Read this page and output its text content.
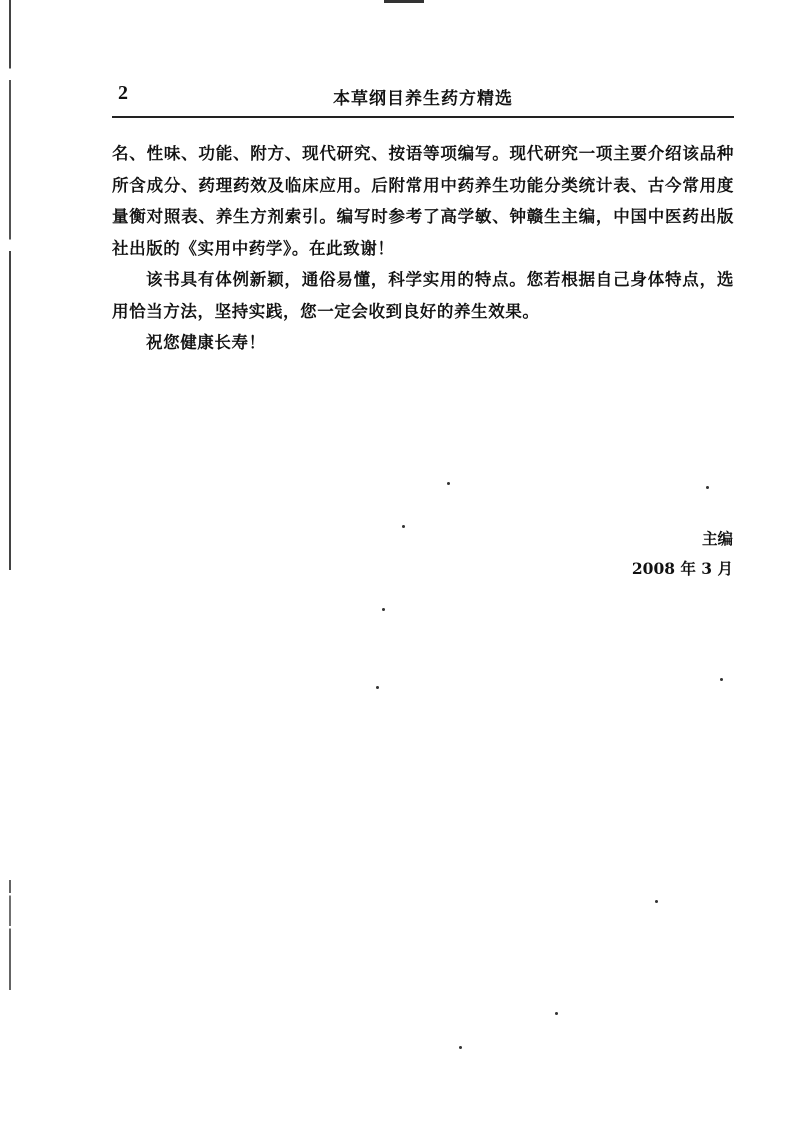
2	本草纲目养生药方精选

名、性味、功能、附方、现代研究、按语等项编写。现代研究一项主要介绍该品种所含成分、药理药效及临床应用。后附常用中药养生功能分类统计表、古今常用度量衡对照表、养生方剂索引。编写时参考了高学敏、钟赣生主编，中国中医药出版社出版的《实用中药学》。在此致谢！

该书具有体例新颖，通俗易懂，科学实用的特点。您若根据自己身体特点，选用恰当方法，坚持实践，您一定会收到良好的养生效果。

祝您健康长寿！

主编
2008 年 3 月
